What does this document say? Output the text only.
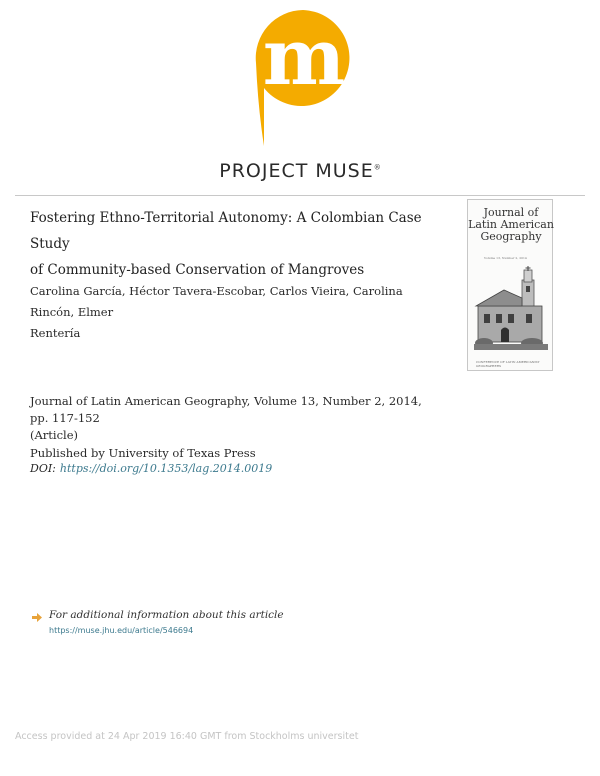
m
PROJECT MUSE®
Fostering Ethno-Territorial Autonomy: A Colombian Case Study
of Community-based Conservation of Mangroves
Carolina García, Héctor Tavera-Escobar, Carlos Vieira, Carolina Rincón, Elmer
Rentería
Journal of Latin American Geography, Volume 13, Number 2, 2014, pp. 117-152
(Article)
Published by University of Texas Press
DOI: https://doi.org/10.1353/lag.2014.0019
Journal of
Latin American
Geography
Volume 13, Number 2, 2014
CONFERENCE OF LATIN AMERICANIST GEOGRAPHERS
For additional information about this article
https://muse.jhu.edu/article/546694
Access provided at 24 Apr 2019 16:40 GMT from Stockholms universitet
